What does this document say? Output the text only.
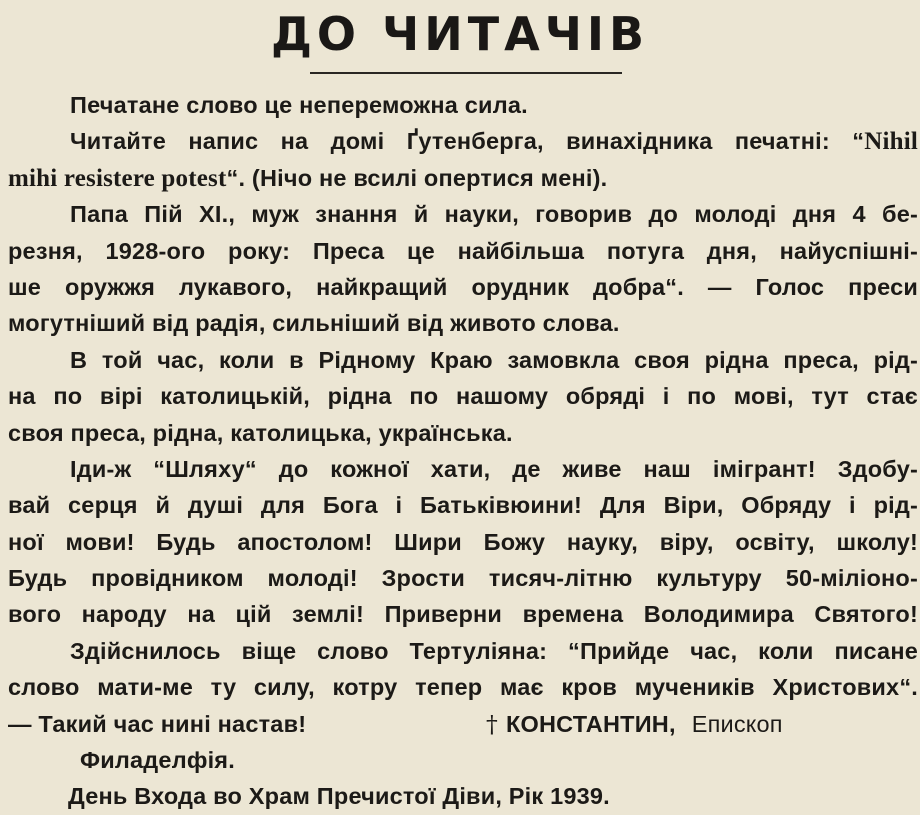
ДО ЧИТАЧІВ
Печатане слово це непереможна сила.
Читайте напис на домі Ґутенберга, винахідника печатні: “Nihil
mihi resistere potest“. (Нічо не всилі опертися мені).
Папа Пій XI., муж знання й науки, говорив до молоді дня 4 бе-
резня, 1928-ого року: Преса це найбільша потуга дня, найуспішні-
ше оружжя лукавого, найкращий орудник добра“. — Голос преси
могутніший від радія, сильніший від живото слова.
В той час, коли в Рідному Краю замовкла своя рідна преса, рід-
на по вірі католицькій, рідна по нашому обряді і по мові, тут стає
своя преса, рідна, католицька, українська.
Іди-ж “Шляху“ до кожної хати, де живе наш імігрант! Здобу-
вай серця й душі для Бога і Батьківюини! Для Віри, Обряду і рід-
ної мови! Будь апостолом! Шири Божу науку, віру, освіту, школу!
Будь провідником молоді! Зрости тисяч-літню культуру 50-міліоно-
вого народу на цій землі! Приверни времена Володимира Святого!
Здійснилось віще слово Тертуліяна: “Прийде час, коли писане
слово мати-ме ту силу, котру тепер має кров мучеників Христових“.
— Такий час нині настав!	† КОНСТАНТИН, Епископ
Филаделфія.
День Входа во Храм Пречистої Діви, Рік 1939.
